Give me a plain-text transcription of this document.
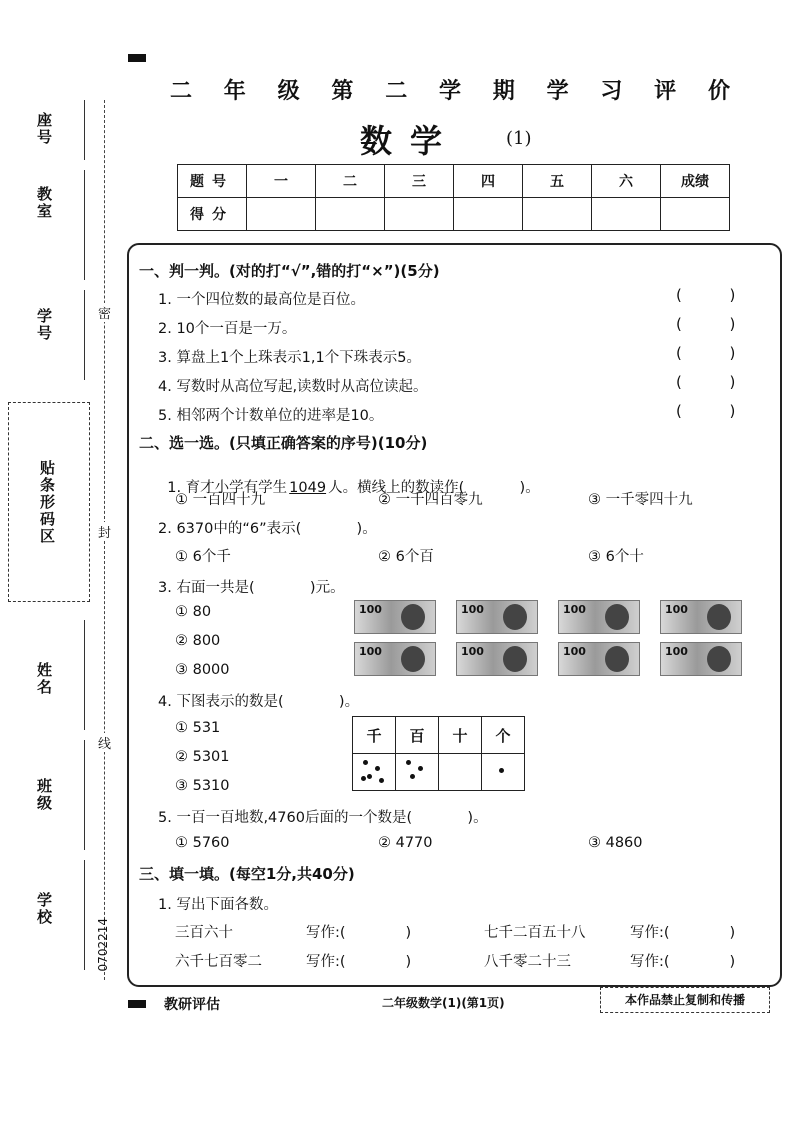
座号
教室
学号
贴条形码区
姓名
班级
学校
密
封
线
0702214
二 年 级 第 二 学 期 学 习 评 价
数学	(1)
题号	一	二	三	四	五	六	成绩
得分							
一、判一判。(对的打“√”,错的打“×”)(5分)
1. 一个四位数的最高位是百位。
2. 10个一百是一万。
3. 算盘上1个上珠表示1,1个下珠表示5。
4. 写数时从高位写起,读数时从高位读起。
5. 相邻两个计数单位的进率是10。
(          )
(          )
(          )
(          )
(          )
二、选一选。(只填正确答案的序号)(10分)

1. 育才小学有学生 1049 人。横线上的数读作(            )。

① 一百四十九	② 一千四百零九	③ 一千零四十九
2. 6370中的“6”表示(            )。
① 6个千	② 6个百	③ 6个十
3. 右面一共是(            )元。
① 80
② 800
③ 8000
100	100	100	100
100	100	100	100
4. 下图表示的数是(            )。
① 531
② 5301
③ 5310
千	百	十	个

5. 一百一百地数,4760后面的一个数是(            )。
① 5760	② 4770	③ 4860
三、填一填。(每空1分,共40分)
1. 写出下面各数。
三百六十	写作:(             )	七千二百五十八	写作:(             )
六千七百零二	写作:(             )	八千零二十三	写作:(             )
教研评估	二年级数学(1)(第1页)	本作品禁止复制和传播
